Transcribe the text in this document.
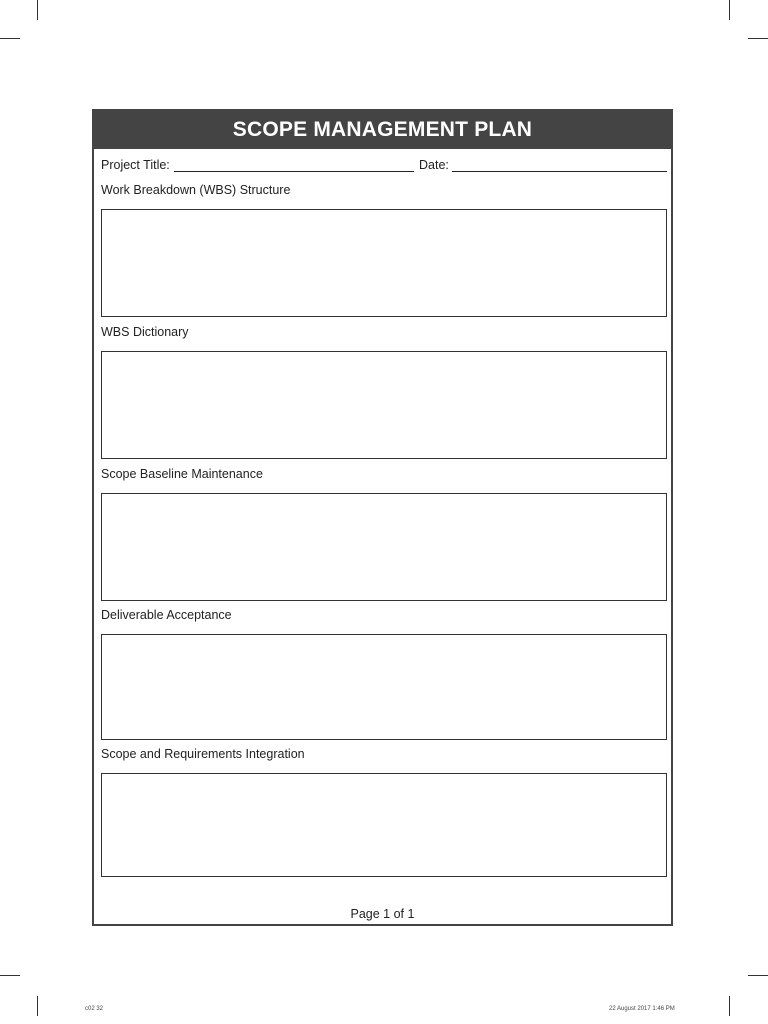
SCOPE MANAGEMENT PLAN
Project Title:	Date:
Work Breakdown (WBS) Structure
WBS Dictionary
Scope Baseline Maintenance
Deliverable Acceptance
Scope and Requirements Integration
Page 1 of 1
c02 32	22 August 2017 1:46 PM
